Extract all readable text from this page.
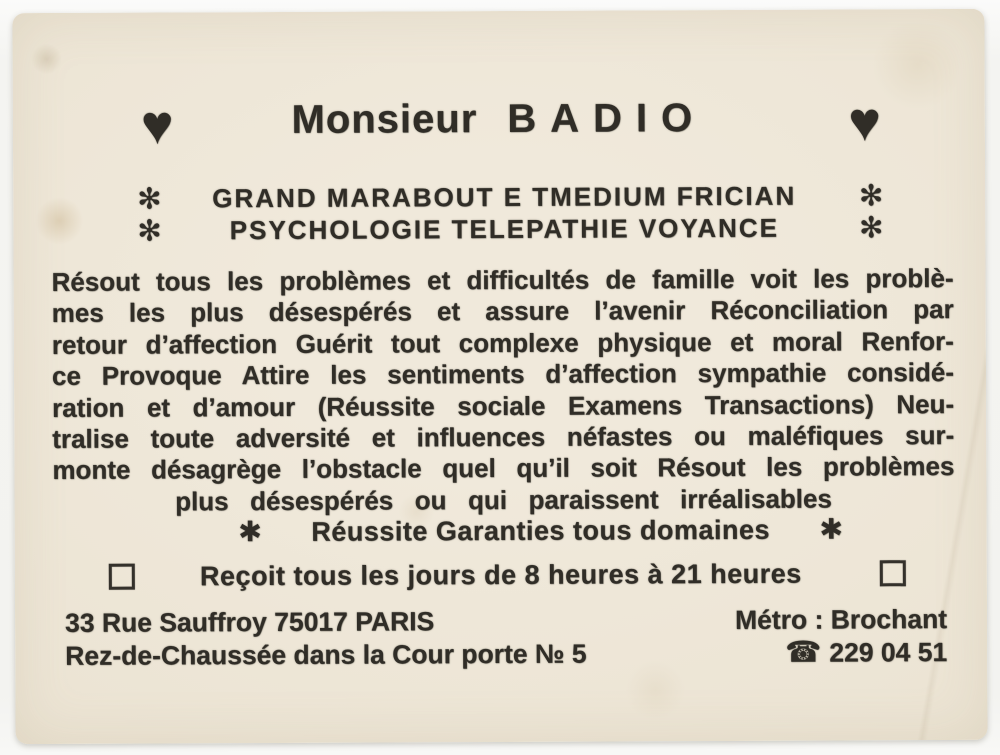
♥	Monsieur BADIO	♥
✻ GRAND MARABOUT E TMEDIUM FRICIAN ✻
✻	PSYCHOLOGIE TELEPATHIE VOYANCE	✻
Résout tous les problèmes et difficultés de famille voit les problè-
mes les plus désespérés et assure l’avenir Réconciliation par
retour d’affection Guérit tout complexe physique et moral Renfor-
ce Provoque Attire les sentiments d’affection sympathie considé-
ration et d’amour (Réussite sociale Examens Transactions) Neu-
tralise toute adversité et influences néfastes ou maléfiques sur-
monte désagrège l’obstacle quel qu’il soit Résout les problèmes
plus désespérés ou qui paraissent irréalisables
✱ Réussite Garanties tous domaines ✱
Reçoit tous les jours de 8 heures à 21 heures
33 Rue Sauffroy 75017 PARIS	Métro : Brochant
Rez-de-Chaussée dans la Cour porte № 5	☎ 229 04 51
